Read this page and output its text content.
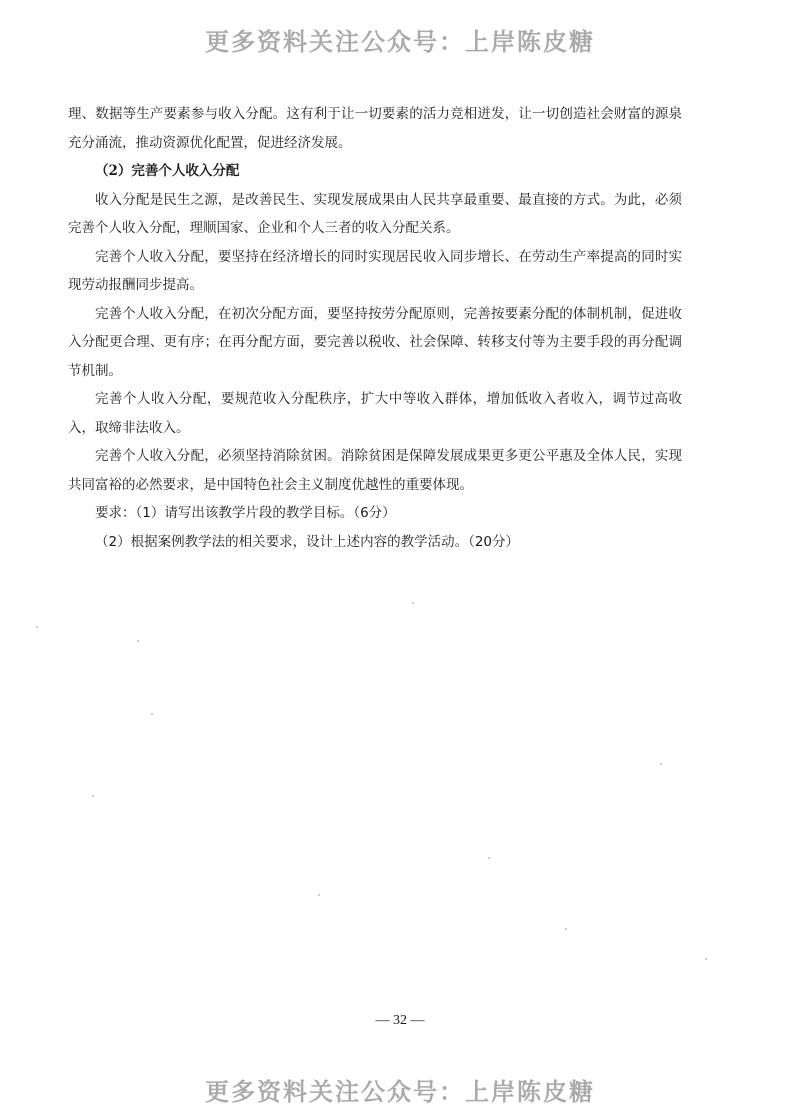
更多资料关注公众号：上岸陈皮糖

理、数据等生产要素参与收入分配。这有利于让一切要素的活力竞相迸发，让一切创造社会财富的源泉充分涌流，推动资源优化配置，促进经济发展。

（2）完善个人收入分配

收入分配是民生之源，是改善民生、实现发展成果由人民共享最重要、最直接的方式。为此，必须完善个人收入分配，理顺国家、企业和个人三者的收入分配关系。

完善个人收入分配，要坚持在经济增长的同时实现居民收入同步增长、在劳动生产率提高的同时实现劳动报酬同步提高。

完善个人收入分配，在初次分配方面，要坚持按劳分配原则，完善按要素分配的体制机制，促进收入分配更合理、更有序；在再分配方面，要完善以税收、社会保障、转移支付等为主要手段的再分配调节机制。

完善个人收入分配，要规范收入分配秩序，扩大中等收入群体，增加低收入者收入，调节过高收入，取缔非法收入。

完善个人收入分配，必须坚持消除贫困。消除贫困是保障发展成果更多更公平惠及全体人民，实现共同富裕的必然要求，是中国特色社会主义制度优越性的重要体现。

要求：（1）请写出该教学片段的教学目标。（6分）

（2）根据案例教学法的相关要求，设计上述内容的教学活动。（20分）

— 32 —
更多资料关注公众号：上岸陈皮糖
